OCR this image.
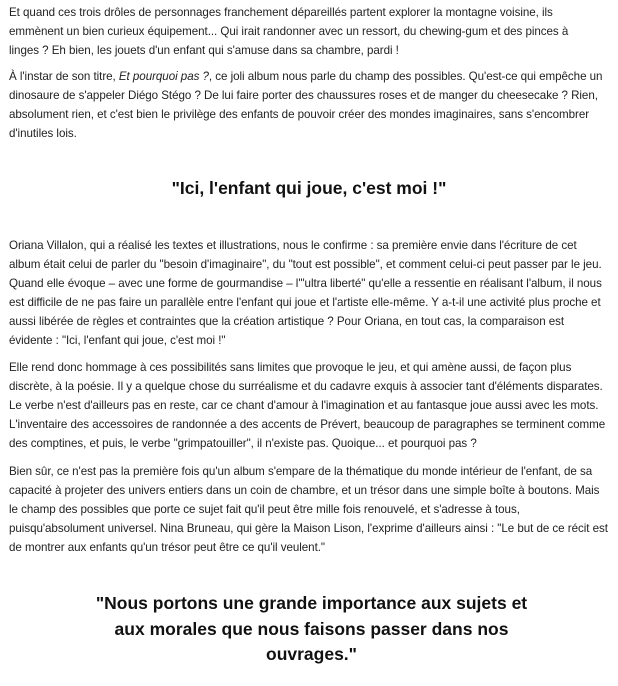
Et quand ces trois drôles de personnages franchement dépareillés partent explorer la montagne voisine, ils emmènent un bien curieux équipement... Qui irait randonner avec un ressort, du chewing-gum et des pinces à linges ? Eh bien, les jouets d'un enfant qui s'amuse dans sa chambre, pardi !

À l'instar de son titre, Et pourquoi pas ?, ce joli album nous parle du champ des possibles. Qu'est-ce qui empêche un dinosaure de s'appeler Diégo Stégo ? De lui faire porter des chaussures roses et de manger du cheesecake ? Rien, absolument rien, et c'est bien le privilège des enfants de pouvoir créer des mondes imaginaires, sans s'encombrer d'inutiles lois.

"Ici, l'enfant qui joue, c'est moi !"

Oriana Villalon, qui a réalisé les textes et illustrations, nous le confirme : sa première envie dans l'écriture de cet album était celui de parler du "besoin d'imaginaire", du "tout est possible", et comment celui-ci peut passer par le jeu. Quand elle évoque – avec une forme de gourmandise – l'"ultra liberté" qu'elle a ressentie en réalisant l'album, il nous est difficile de ne pas faire un parallèle entre l'enfant qui joue et l'artiste elle-même. Y a-t-il une activité plus proche et aussi libérée de règles et contraintes que la création artistique ? Pour Oriana, en tout cas, la comparaison est évidente : "Ici, l'enfant qui joue, c'est moi !"

Elle rend donc hommage à ces possibilités sans limites que provoque le jeu, et qui amène aussi, de façon plus discrète, à la poésie. Il y a quelque chose du surréalisme et du cadavre exquis à associer tant d'éléments disparates. Le verbe n'est d'ailleurs pas en reste, car ce chant d'amour à l'imagination et au fantasque joue aussi avec les mots. L'inventaire des accessoires de randonnée a des accents de Prévert, beaucoup de paragraphes se terminent comme des comptines, et puis, le verbe "grimpatouiller", il n'existe pas. Quoique... et pourquoi pas ?

Bien sûr, ce n'est pas la première fois qu'un album s'empare de la thématique du monde intérieur de l'enfant, de sa capacité à projeter des univers entiers dans un coin de chambre, et un trésor dans une simple boîte à boutons. Mais le champ des possibles que porte ce sujet fait qu'il peut être mille fois renouvelé, et s'adresse à tous, puisqu'absolument universel. Nina Bruneau, qui gère la Maison Lison, l'exprime d'ailleurs ainsi : "Le but de ce récit est de montrer aux enfants qu'un trésor peut être ce qu'il veulent."

"Nous portons une grande importance aux sujets et aux morales que nous faisons passer dans nos ouvrages."
